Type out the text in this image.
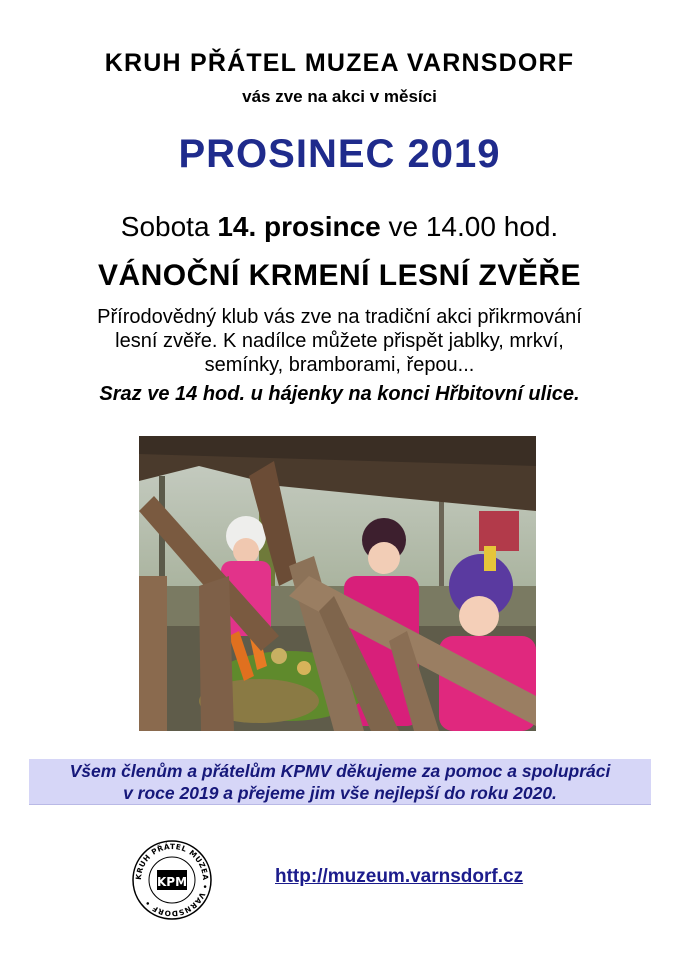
KRUH PŘÁTEL MUZEA VARNSDORF
vás zve na akci v měsíci
PROSINEC 2019
Sobota 14. prosince ve 14.00 hod.
VÁNOČNÍ KRMENÍ LESNÍ ZVĚŘE
Přírodovědný klub vás zve na tradiční akci přikrmování
lesní zvěře. K nadílce můžete přispět jablky, mrkví,
semínky, bramborami, řepou...
Sraz ve 14 hod. u hájenky na konci Hřbitovní ulice.
Všem členům a přátelům KPMV děkujeme za pomoc a spolupráci
v roce 2019 a přejeme jim vše nejlepší do roku 2020.
KRUH PŘÁTEL MUZEA • VARNSDORF •
KPM	http://muzeum.varnsdorf.cz
